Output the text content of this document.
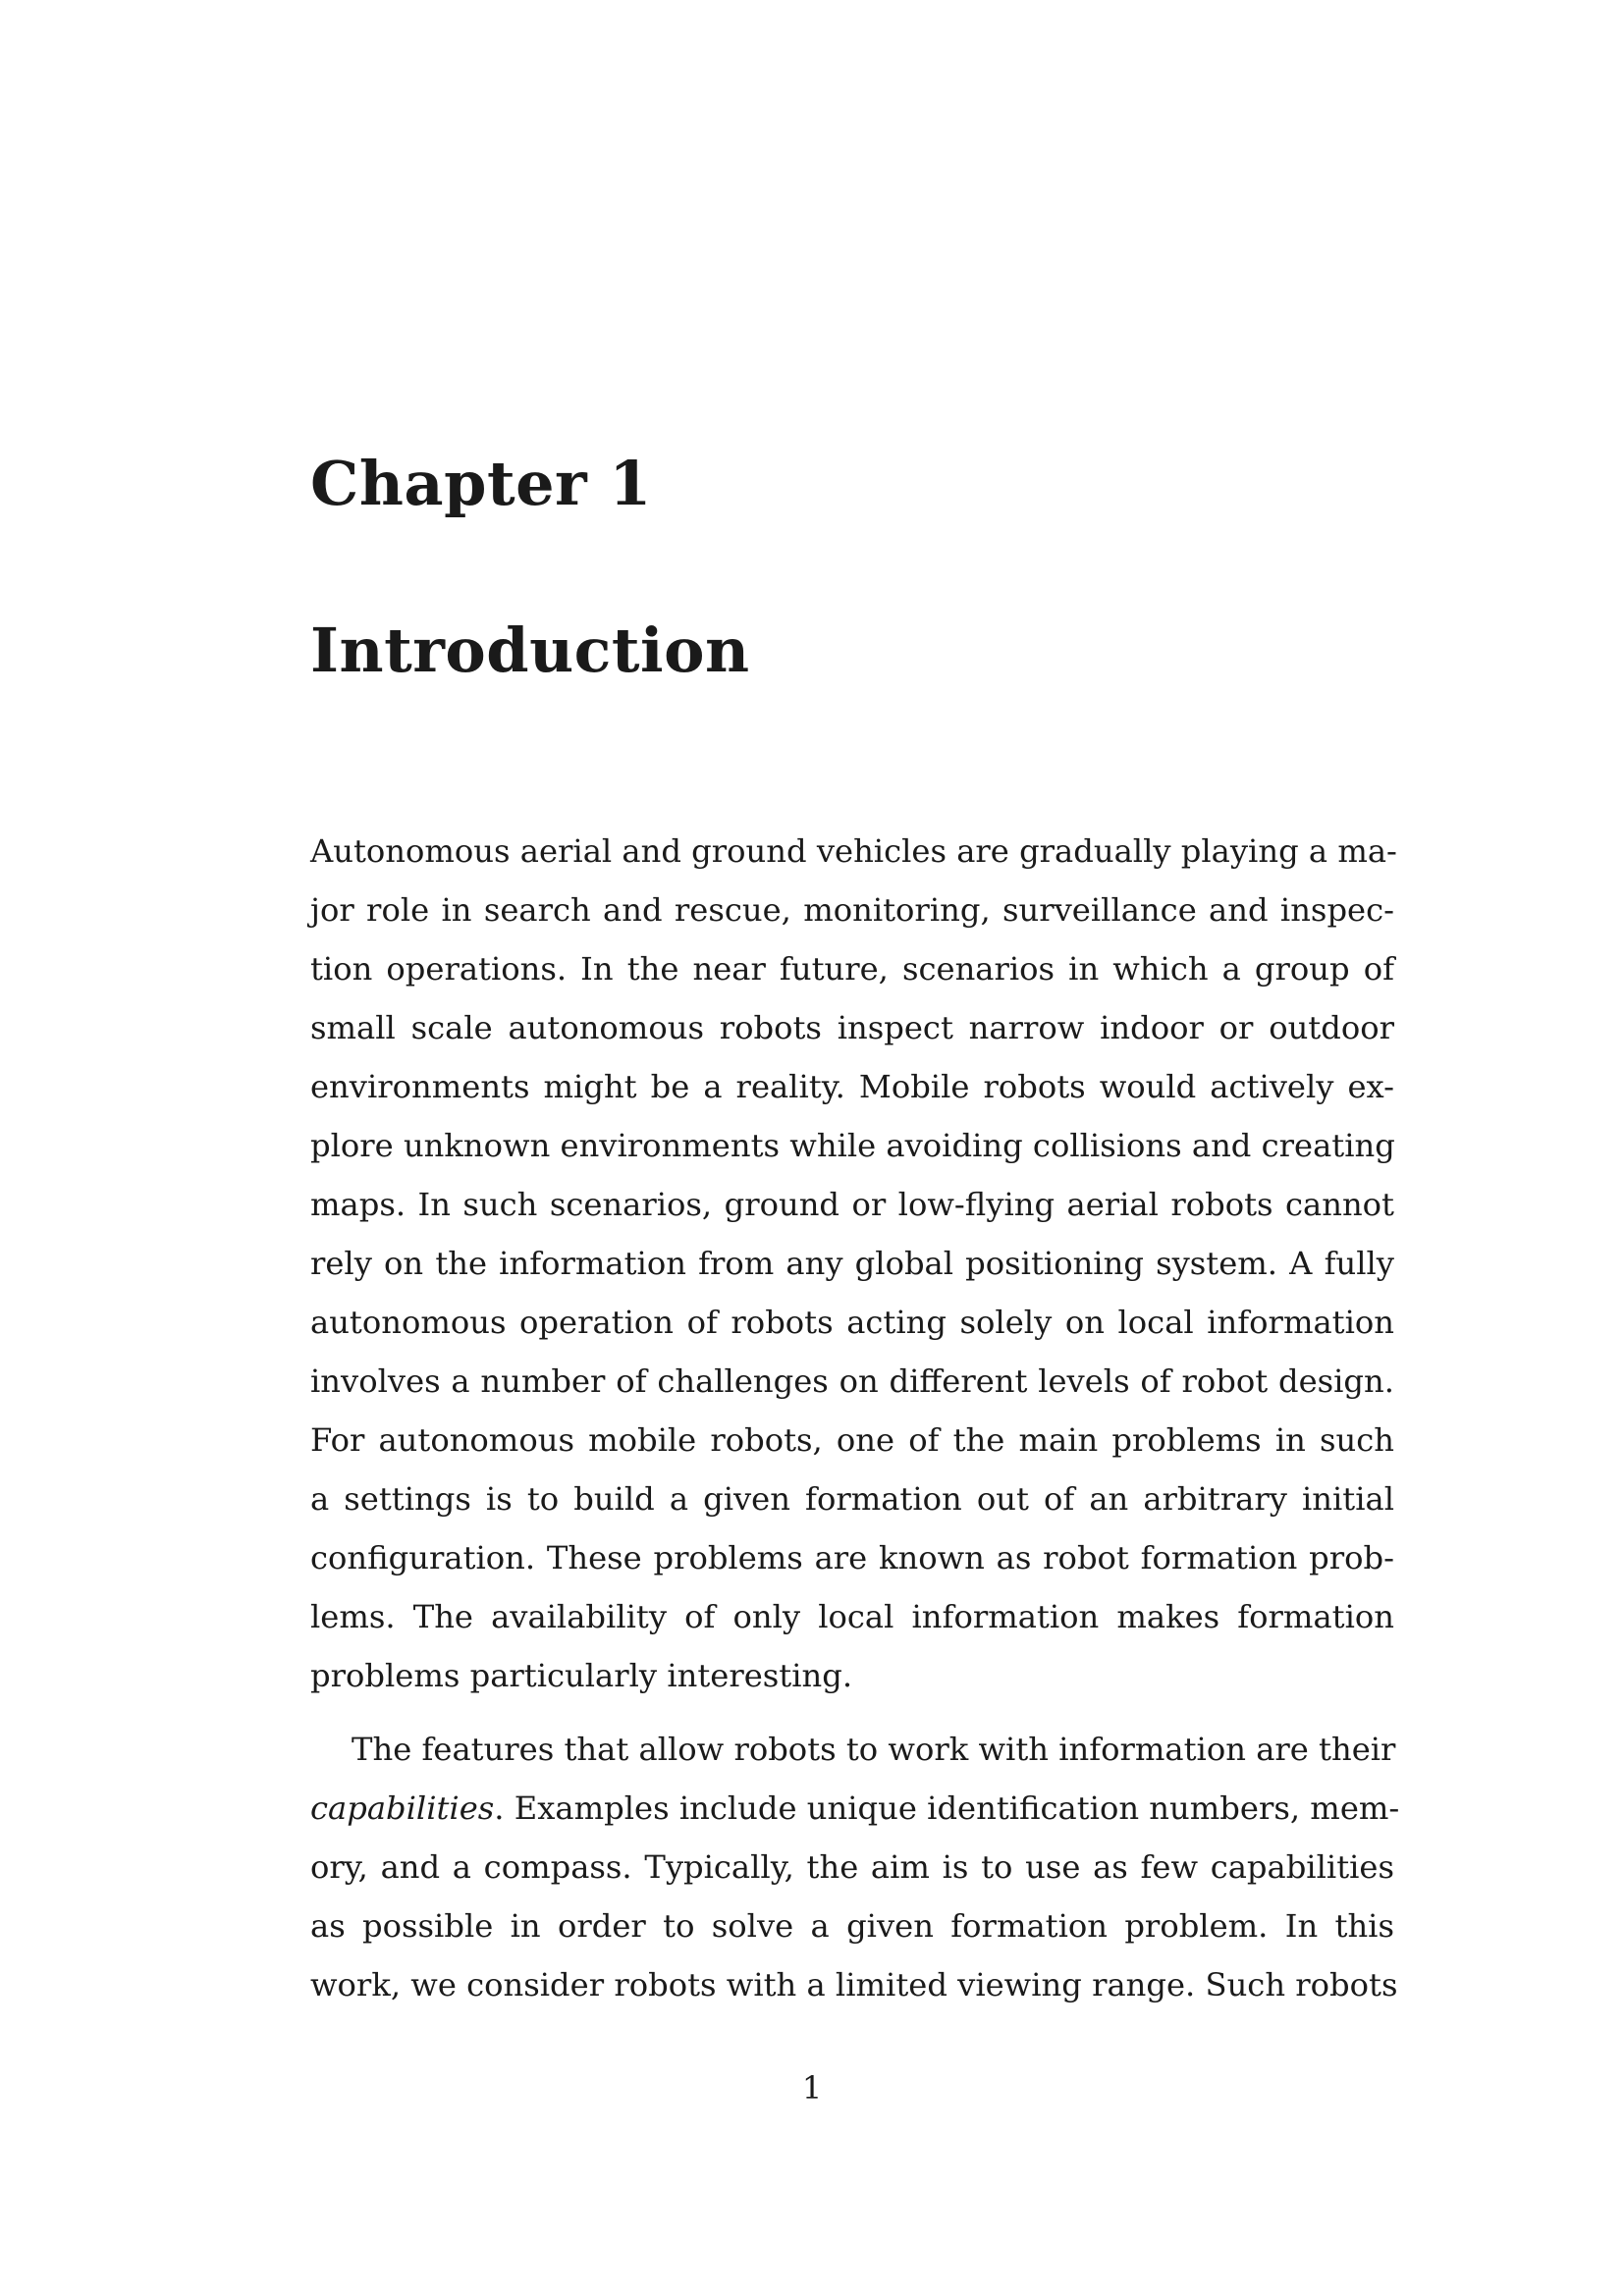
Chapter 1
Introduction

Autonomous aerial and ground vehicles are gradually playing a ma-
jor role in search and rescue, monitoring, surveillance and inspec-
tion operations. In the near future, scenarios in which a group of
small scale autonomous robots inspect narrow indoor or outdoor
environments might be a reality. Mobile robots would actively ex-
plore unknown environments while avoiding collisions and creating
maps. In such scenarios, ground or low-flying aerial robots cannot
rely on the information from any global positioning system. A fully
autonomous operation of robots acting solely on local information
involves a number of challenges on different levels of robot design.
For autonomous mobile robots, one of the main problems in such
a settings is to build a given formation out of an arbitrary initial
configuration. These problems are known as robot formation prob-
lems. The availability of only local information makes formation
problems particularly interesting.

The features that allow robots to work with information are their
capabilities. Examples include unique identification numbers, mem-
ory, and a compass. Typically, the aim is to use as few capabilities
as possible in order to solve a given formation problem. In this
work, we consider robots with a limited viewing range. Such robots

1
